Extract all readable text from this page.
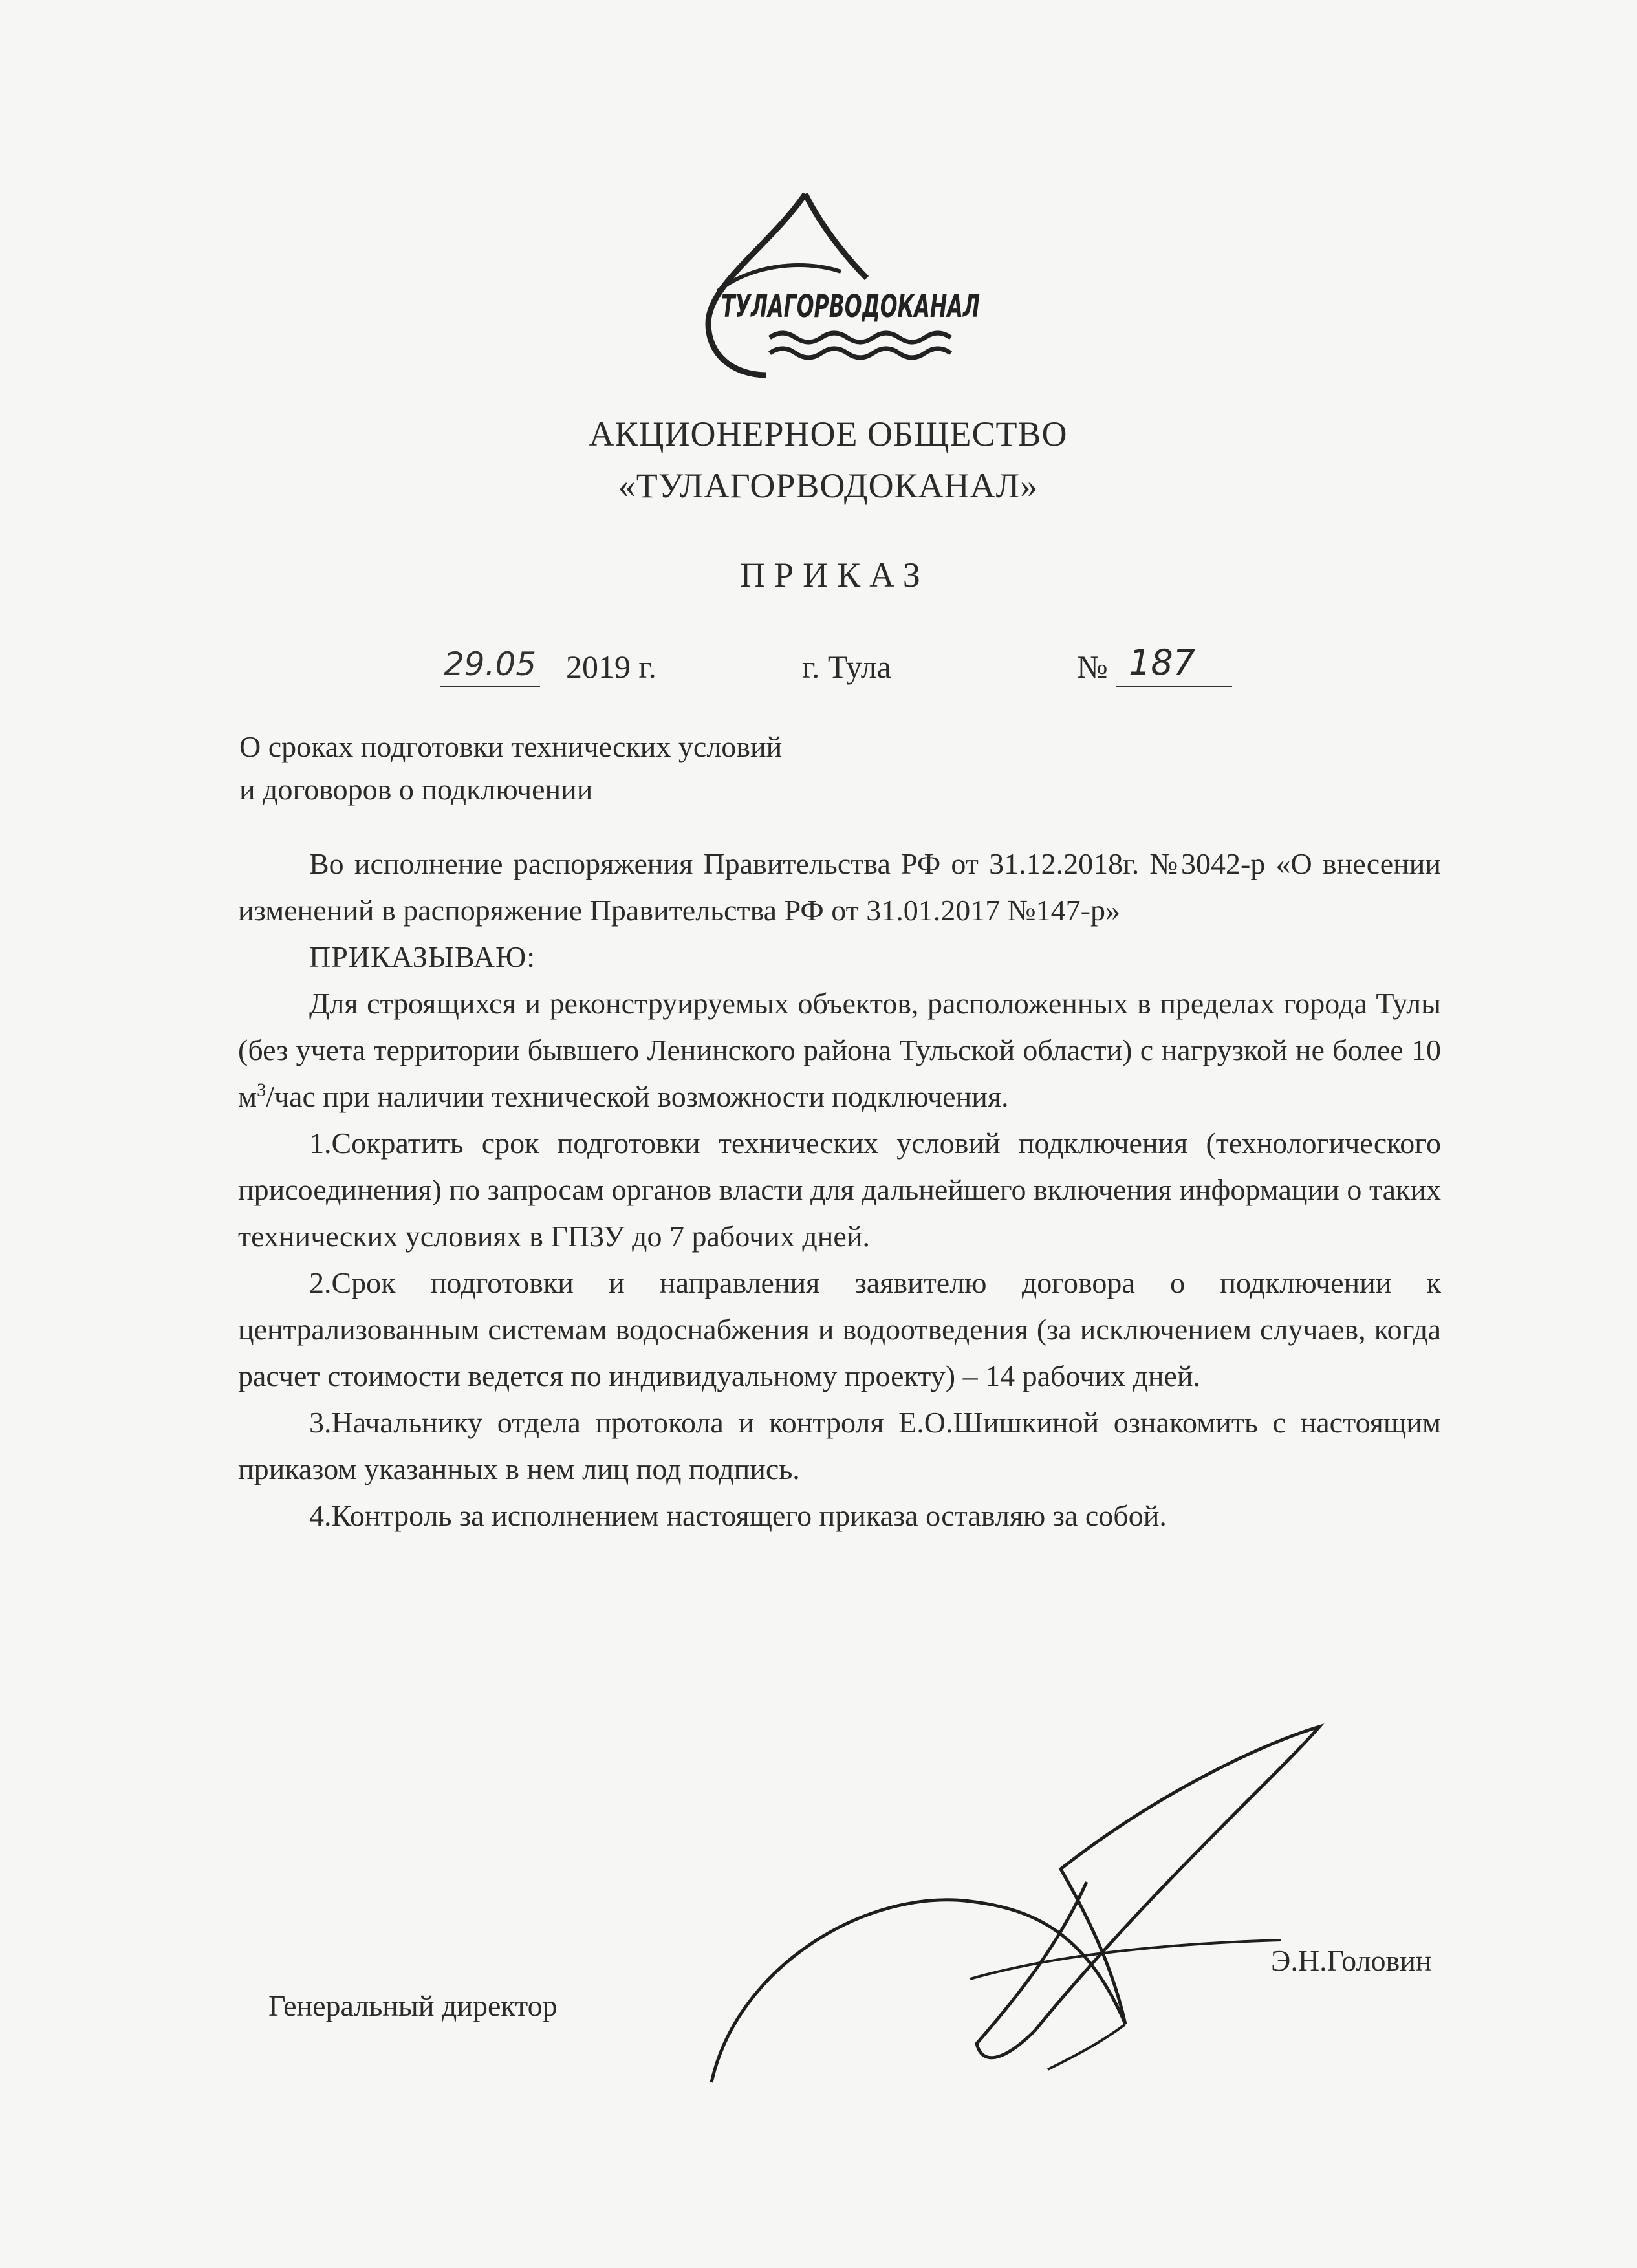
ТУЛАГОРВОДОКАНАЛ
АКЦИОНЕРНОЕ ОБЩЕСТВО
«ТУЛАГОРВОДОКАНАЛ»
ПРИКАЗ
29.05 2019 г.	г. Тула	№ 187
О сроках подготовки технических условий
и договоров о подключении

Во исполнение распоряжения Правительства РФ от 31.12.2018г. №3042-р «О внесении изменений в распоряжение Правительства РФ от 31.01.2017 №147-р»

ПРИКАЗЫВАЮ:

Для строящихся и реконструируемых объектов, расположенных в пределах города Тулы (без учета территории бывшего Ленинского района Тульской области) с нагрузкой не более 10 $м^3$/час при наличии технической возможности подключения.

1.Сократить срок подготовки технических условий подключения (технологического присоединения) по запросам органов власти для дальнейшего включения информации о таких технических условиях в ГПЗУ до 7 рабочих дней.

2.Срок подготовки и направления заявителю договора о подключении к централизованным системам водоснабжения и водоотведения (за исключением случаев, когда расчет стоимости ведется по индивидуальному проекту) – 14 рабочих дней.

3.Начальнику отдела протокола и контроля Е.О.Шишкиной ознакомить с настоящим приказом указанных в нем лиц под подпись.

4.Контроль за исполнением настоящего приказа оставляю за собой.

Генеральный директор
Э.Н.Головин
